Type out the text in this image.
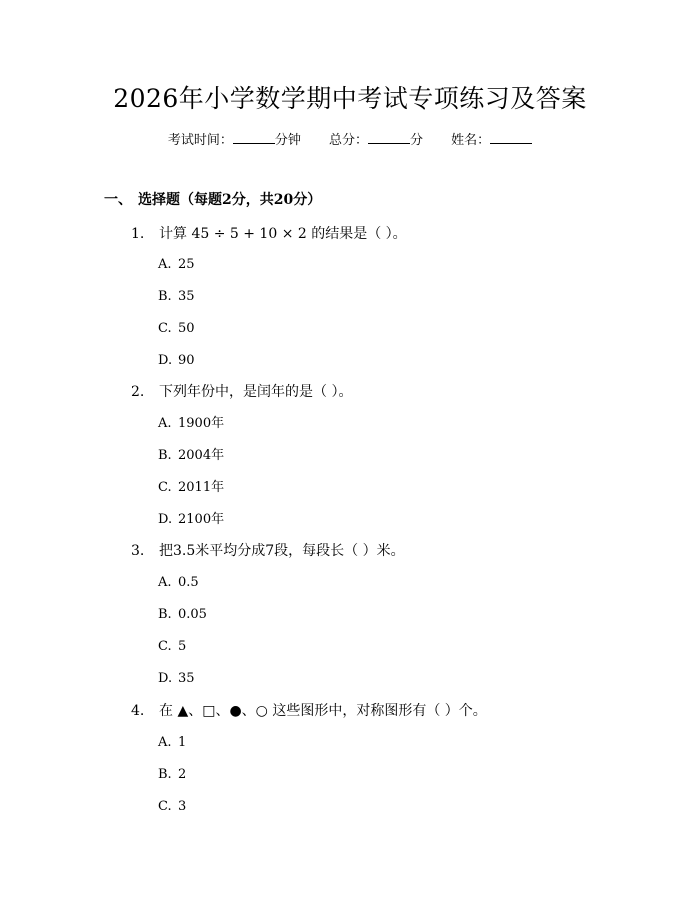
2026年小学数学期中考试专项练习及答案
考试时间：	分钟 总分：	分 姓名：
一、 选择题（每题2分，共20分）
1. 计算 45 ÷ 5 + 10 × 2 的结果是（ ）。
A. 25
B. 35
C. 50
D. 90
2. 下列年份中，是闰年的是（ ）。
A. 1900年
B. 2004年
C. 2011年
D. 2100年
3. 把3.5米平均分成7段，每段长（ ）米。
A. 0.5
B. 0.05
C. 5
D. 35
4. 在 ▲、□、●、○ 这些图形中，对称图形有（ ）个。
A. 1
B. 2
C. 3
